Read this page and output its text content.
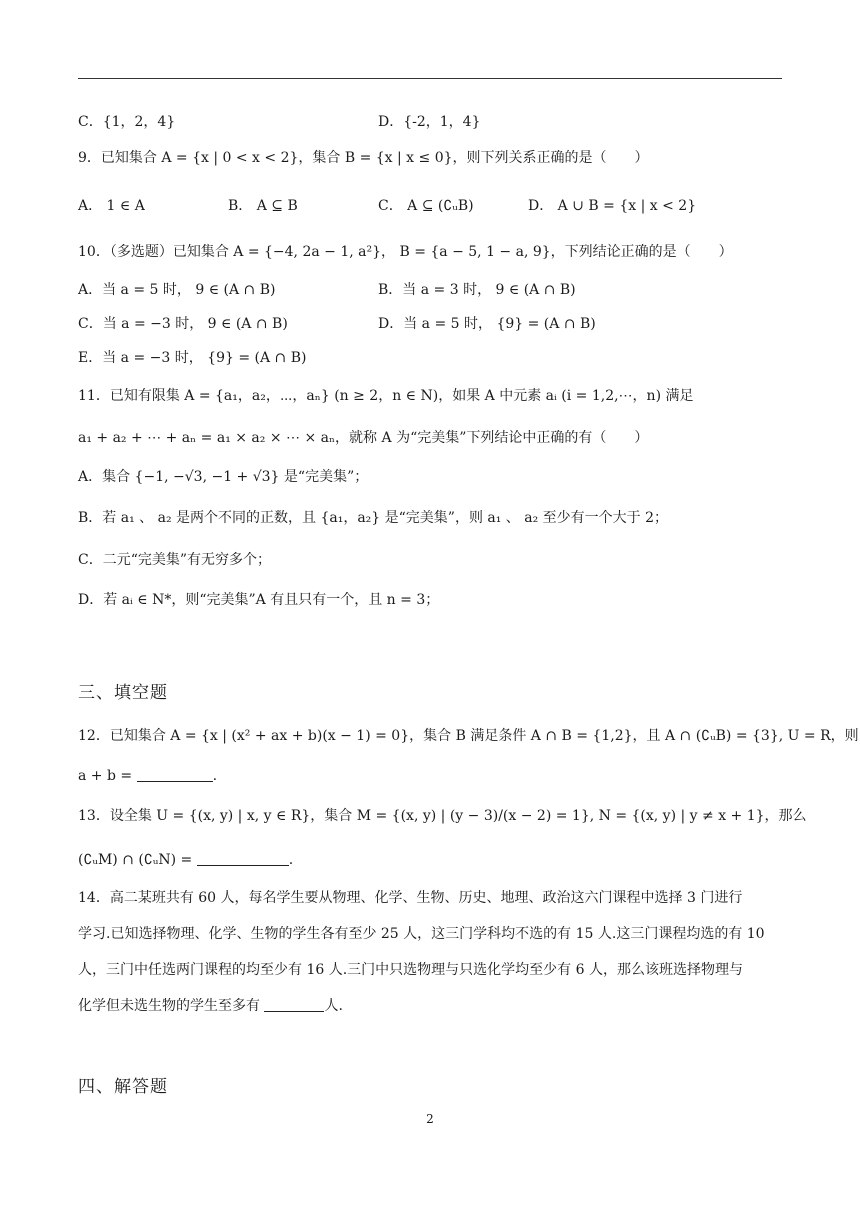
C．{1，2，4}	D．{-2，1，4}
9．已知集合 A = {x | 0 < x < 2}，集合 B = {x | x ≤ 0}，则下列关系正确的是（　　）
A． 1 ∈ A	B． A ⊆ B	C． A ⊆ (∁ᵤB)	D． A ∪ B = {x | x < 2}
10．（多选题）已知集合 A = {−4, 2a − 1, a²}， B = {a − 5, 1 − a, 9}，下列结论正确的是（　　）
A．当 a = 5 时， 9 ∈ (A ∩ B)	B．当 a = 3 时， 9 ∈ (A ∩ B)
C．当 a = −3 时， 9 ∈ (A ∩ B)	D．当 a = 5 时， {9} = (A ∩ B)
E．当 a = −3 时， {9} = (A ∩ B)
11．已知有限集 A = {a₁，a₂，⋯，aₙ} (n ≥ 2，n ∈ N)，如果 A 中元素 aᵢ (i = 1,2,⋯，n) 满足
a₁ + a₂ + ⋯ + aₙ = a₁ × a₂ × ⋯ × aₙ，就称 A 为“完美集”下列结论中正确的有（　　）
A．集合 {−1, −√3, −1 + √3} 是“完美集”；
B．若 a₁ 、 a₂ 是两个不同的正数，且 {a₁，a₂} 是“完美集”，则 a₁ 、 a₂ 至少有一个大于 2；
C．二元“完美集”有无穷多个；
D．若 aᵢ ∈ N*，则“完美集”A 有且只有一个，且 n = 3；
三、填空题
12．已知集合 A = {x | (x² + ax + b)(x − 1) = 0}，集合 B 满足条件 A ∩ B = {1,2}，且 A ∩ (∁ᵤB) = {3}, U = R，则
a + b =	.
13．设全集 U = {(x, y) | x, y ∈ R}，集合 M = {(x, y) | (y − 3)/(x − 2) = 1}, N = {(x, y) | y ≠ x + 1}，那么
(∁ᵤM) ∩ (∁ᵤN) =	.
14．高二某班共有 60 人，每名学生要从物理、化学、生物、历史、地理、政治这六门课程中选择 3 门进行
学习.已知选择物理、化学、生物的学生各有至少 25 人，这三门学科均不选的有 15 人.这三门课程均选的有 10
人，三门中任选两门课程的均至少有 16 人.三门中只选物理与只选化学均至少有 6 人，那么该班选择物理与
化学但未选生物的学生至多有	人.
四、解答题
2
